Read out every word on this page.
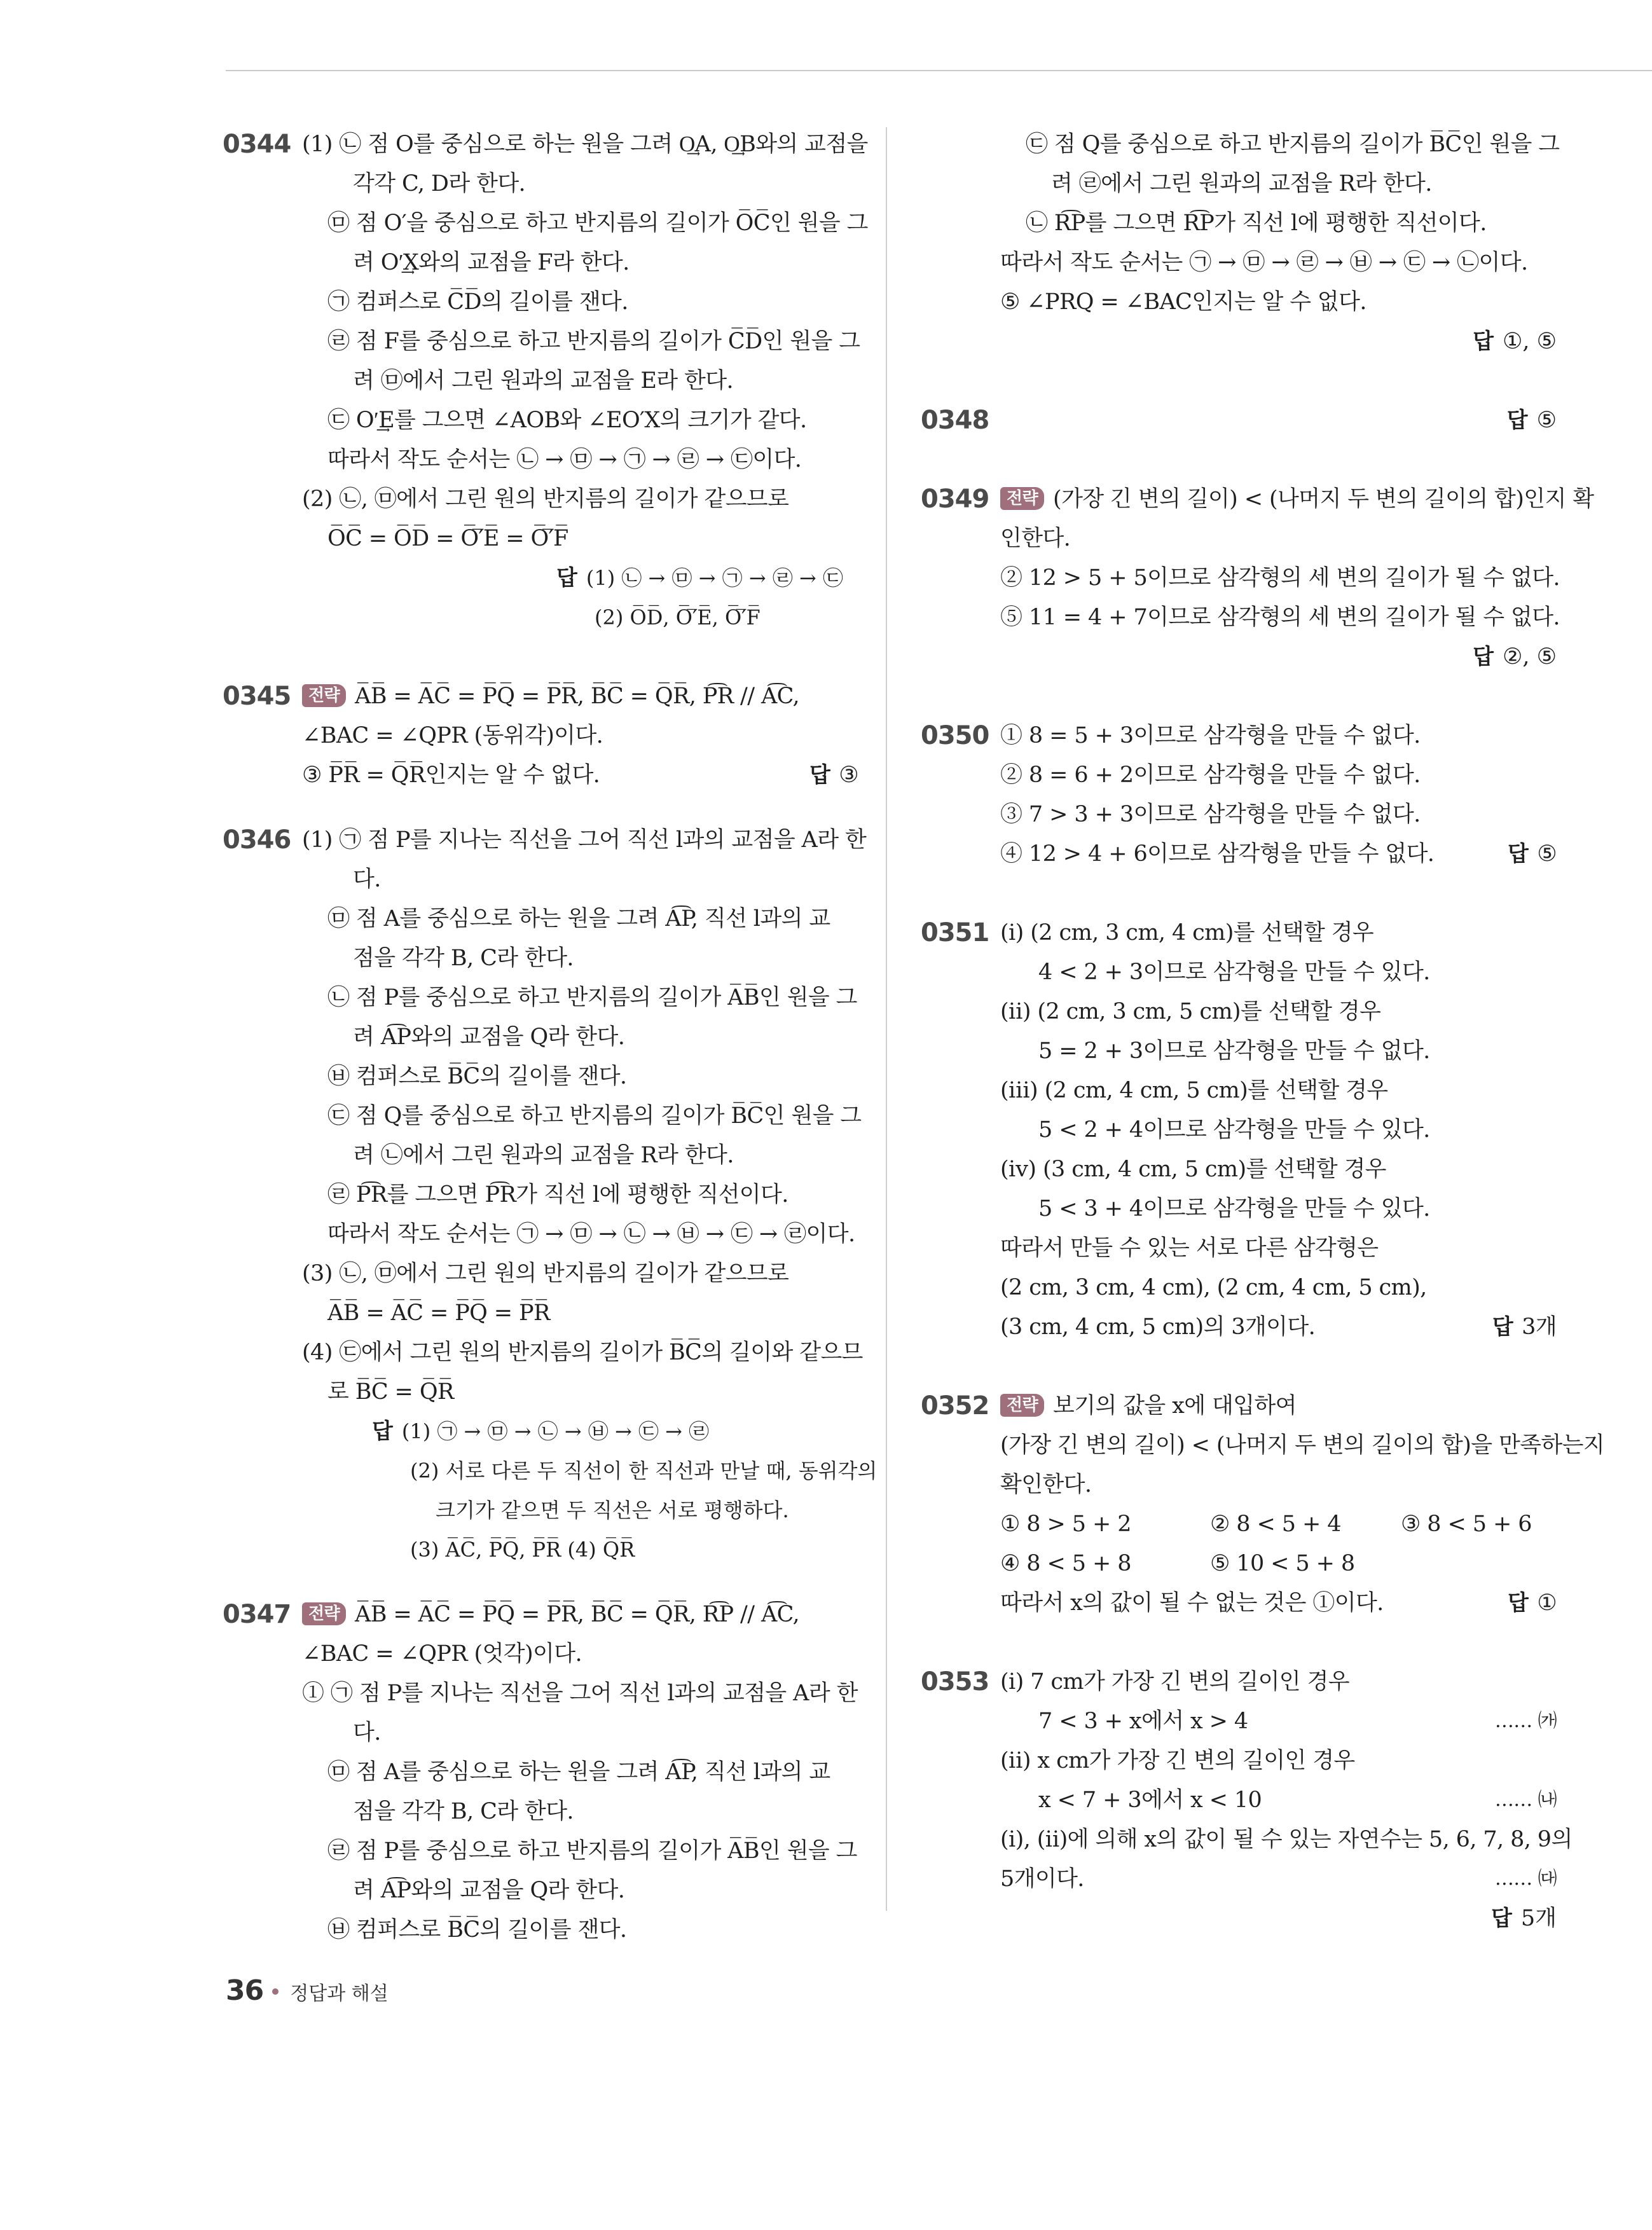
0344 (1) ㉡ 점 O를 중심으로 하는 원을 그려 O͢A, O͢B와의 교점을
각각 C, D라 한다.
㉤ 점 O′을 중심으로 하고 반지름의 길이가 O̅C̅인 원을 그
려 O′͢X와의 교점을 F라 한다.
㉠ 컴퍼스로 C̅D̅의 길이를 잰다.
㉣ 점 F를 중심으로 하고 반지름의 길이가 C̅D̅인 원을 그
려 ㉤에서 그린 원과의 교점을 E라 한다.
㉢ O′͢E를 그으면 ∠AOB와 ∠EO′X의 크기가 같다.
따라서 작도 순서는 ㉡ → ㉤ → ㉠ → ㉣ → ㉢이다.
(2) ㉡, ㉤에서 그린 원의 반지름의 길이가 같으므로
O̅C̅ = O̅D̅ = O̅′̅E̅ = O̅′̅F̅
답 (1) ㉡ → ㉤ → ㉠ → ㉣ → ㉢
(2) O̅D̅, O̅′̅E̅, O̅′̅F̅
0345	전략 A̅B̅ = A̅C̅ = P̅Q̅ = P̅R̅, B̅C̅ = Q̅R̅, P͡R // A͡C,
∠BAC = ∠QPR (동위각)이다.
③ P̅R̅ = Q̅R̅인지는 알 수 없다.	답 ③
0346 (1) ㉠ 점 P를 지나는 직선을 그어 직선 l과의 교점을 A라 한
다.
㉤ 점 A를 중심으로 하는 원을 그려 A͡P, 직선 l과의 교
점을 각각 B, C라 한다.
㉡ 점 P를 중심으로 하고 반지름의 길이가 A̅B̅인 원을 그
려 A͡P와의 교점을 Q라 한다.
㉥ 컴퍼스로 B̅C̅의 길이를 잰다.
㉢ 점 Q를 중심으로 하고 반지름의 길이가 B̅C̅인 원을 그
려 ㉡에서 그린 원과의 교점을 R라 한다.
㉣ P͡R를 그으면 P͡R가 직선 l에 평행한 직선이다.
따라서 작도 순서는 ㉠ → ㉤ → ㉡ → ㉥ → ㉢ → ㉣이다.
(3) ㉡, ㉤에서 그린 원의 반지름의 길이가 같으므로
A̅B̅ = A̅C̅ = P̅Q̅ = P̅R̅
(4) ㉢에서 그린 원의 반지름의 길이가 B̅C̅의 길이와 같으므
로 B̅C̅ = Q̅R̅
답 (1) ㉠ → ㉤ → ㉡ → ㉥ → ㉢ → ㉣
(2) 서로 다른 두 직선이 한 직선과 만날 때, 동위각의
크기가 같으면 두 직선은 서로 평행하다.
(3) A̅C̅, P̅Q̅, P̅R̅ (4) Q̅R̅
0347	전략 A̅B̅ = A̅C̅ = P̅Q̅ = P̅R̅, B̅C̅ = Q̅R̅, R͡P // A͡C,
∠BAC = ∠QPR (엇각)이다.
① ㉠ 점 P를 지나는 직선을 그어 직선 l과의 교점을 A라 한
다.
㉤ 점 A를 중심으로 하는 원을 그려 A͡P, 직선 l과의 교
점을 각각 B, C라 한다.
㉣ 점 P를 중심으로 하고 반지름의 길이가 A̅B̅인 원을 그
려 A͡P와의 교점을 Q라 한다.
㉥ 컴퍼스로 B̅C̅의 길이를 잰다.
㉢ 점 Q를 중심으로 하고 반지름의 길이가 B̅C̅인 원을 그
려 ㉣에서 그린 원과의 교점을 R라 한다.
㉡ R͡P를 그으면 R͡P가 직선 l에 평행한 직선이다.
따라서 작도 순서는 ㉠ → ㉤ → ㉣ → ㉥ → ㉢ → ㉡이다.
⑤ ∠PRQ = ∠BAC인지는 알 수 없다.
답 ①, ⑤
0348	답 ⑤
0349	전략 (가장 긴 변의 길이) < (나머지 두 변의 길이의 합)인지 확
인한다.
② 12 > 5 + 5이므로 삼각형의 세 변의 길이가 될 수 없다.
⑤ 11 = 4 + 7이므로 삼각형의 세 변의 길이가 될 수 없다.
답 ②, ⑤
0350 ① 8 = 5 + 3이므로 삼각형을 만들 수 없다.
② 8 = 6 + 2이므로 삼각형을 만들 수 없다.
③ 7 > 3 + 3이므로 삼각형을 만들 수 없다.
④ 12 > 4 + 6이므로 삼각형을 만들 수 없다.	답 ⑤
0351 (ⅰ) (2 cm, 3 cm, 4 cm)를 선택할 경우
4 < 2 + 3이므로 삼각형을 만들 수 있다.
(ⅱ) (2 cm, 3 cm, 5 cm)를 선택할 경우
5 = 2 + 3이므로 삼각형을 만들 수 없다.
(ⅲ) (2 cm, 4 cm, 5 cm)를 선택할 경우
5 < 2 + 4이므로 삼각형을 만들 수 있다.
(ⅳ) (3 cm, 4 cm, 5 cm)를 선택할 경우
5 < 3 + 4이므로 삼각형을 만들 수 있다.
따라서 만들 수 있는 서로 다른 삼각형은
(2 cm, 3 cm, 4 cm), (2 cm, 4 cm, 5 cm),
(3 cm, 4 cm, 5 cm)의 3개이다.	답 3개
0352	전략 보기의 값을 x에 대입하여
(가장 긴 변의 길이) < (나머지 두 변의 길이의 합)을 만족하는지
확인한다.
① 8 > 5 + 2	② 8 < 5 + 4	③ 8 < 5 + 6
④ 8 < 5 + 8	⑤ 10 < 5 + 8
따라서 x의 값이 될 수 없는 것은 ①이다.	답 ①
0353 (ⅰ) 7 cm가 가장 긴 변의 길이인 경우
7 < 3 + x에서 x > 4	…… ㈎
(ⅱ) x cm가 가장 긴 변의 길이인 경우
x < 7 + 3에서 x < 10	…… ㈏
(ⅰ), (ⅱ)에 의해 x의 값이 될 수 있는 자연수는 5, 6, 7, 8, 9의
5개이다.	…… ㈐
답 5개
36 정답과 해설
